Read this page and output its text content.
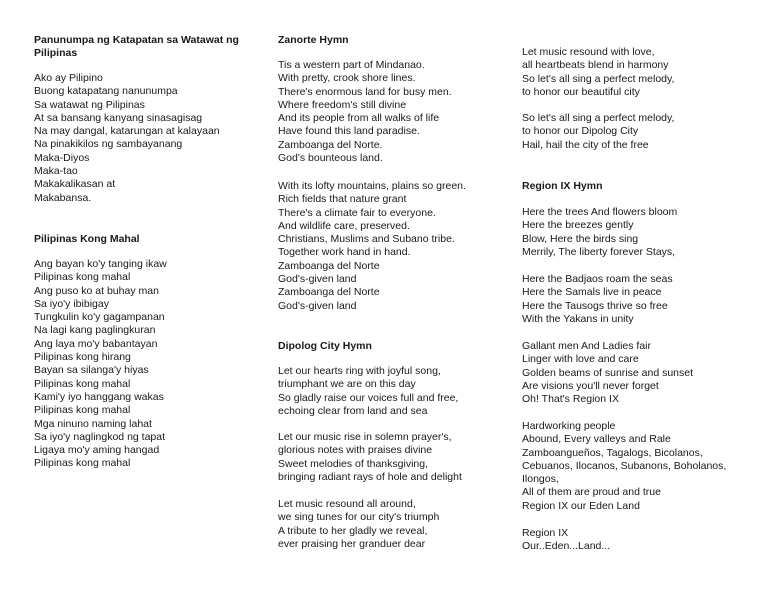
Panunumpa ng Katapatan sa Watawat ng Pilipinas
Ako ay Pilipino
Buong katapatang nanunumpa
Sa watawat ng Pilipinas
At sa bansang kanyang sinasagisag
Na may dangal, katarungan at kalayaan
Na pinakikilos ng sambayanang
Maka-Diyos
Maka-tao
Makakalikasan at
Makabansa.
Pilipinas Kong Mahal
Ang bayan ko'y tanging ikaw
Pilipinas kong mahal
Ang puso ko at buhay man
Sa iyo'y ibibigay
Tungkulin ko'y gagampanan
Na lagi kang paglingkuran
Ang laya mo'y babantayan
Pilipinas kong hirang
Bayan sa silanga'y hiyas
Pilipinas kong mahal
Kami'y iyo hanggang wakas
Pilipinas kong mahal
Mga ninuno naming lahat
Sa iyo'y naglingkod ng tapat
Ligaya mo'y aming hangad
Pilipinas kong mahal
Zanorte Hymn
Tis a western part of Mindanao.
With pretty, crook shore lines.
There's enormous land for busy men.
Where freedom's still divine
And its people from all walks of life
Have found this land paradise.
Zamboanga del Norte.
God's bounteous land.
With its lofty mountains, plains so green.
Rich fields that nature grant
There's a climate fair to everyone.
And wildlife care, preserved.
Christians, Muslims and Subano tribe.
Together work hand in hand.
Zamboanga del Norte
God's-given land
Zamboanga del Norte
God's-given land
Dipolog City Hymn
Let our hearts ring with joyful song,
triumphant we are on this day
So gladly raise our voices full and free,
echoing clear from land and sea
Let our music rise in solemn prayer's,
glorious notes with praises divine
Sweet melodies of thanksgiving,
bringing radiant rays of hole and delight
Let music resound all around,
we sing tunes for our city's triumph
A tribute to her gladly we reveal,
ever praising her granduer dear
Let music resound with love,
all heartbeats blend in harmony
So let's all sing a perfect melody,
to honor our beautiful city
So let's all sing a perfect melody,
to honor our Dipolog City
Hail, hail the city of the free
Region IX Hymn
Here the trees And flowers bloom
Here the breezes gently
Blow, Here the birds sing
Merrily, The liberty forever Stays,
Here the Badjaos roam the seas
Here the Samals live in peace
Here the Tausogs thrive so free
With the Yakans in unity
Gallant men And Ladies fair
Linger with love and care
Golden beams of sunrise and sunset
Are visions you'll never forget
Oh! That's Region IX
Hardworking people
Abound, Every valleys and Rale
Zamboangueños, Tagalogs, Bicolanos,
Cebuanos, Ilocanos, Subanons, Boholanos,
Ilongos,
All of them are proud and true
Region IX our Eden Land
Region IX
Our..Eden...Land...
